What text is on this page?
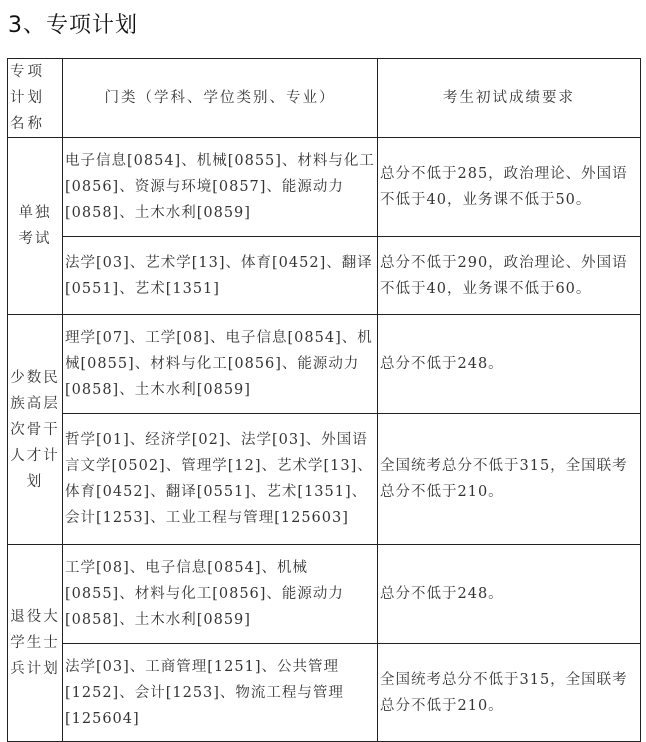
3、专项计划
专项计划名称	门类（学科、学位类别、专业）	考生初试成绩要求
单独考试	电子信息[0854]、机械[0855]、材料与化工[0856]、资源与环境[0857]、能源动力[0858]、土木水利[0859]	总分不低于285，政治理论、外国语不低于40，业务课不低于50。
	法学[03]、艺术学[13]、体育[0452]、翻译[0551]、艺术[1351]	总分不低于290，政治理论、外国语不低于40，业务课不低于60。
少数民族高层次骨干人才计划	理学[07]、工学[08]、电子信息[0854]、机械[0855]、材料与化工[0856]、能源动力[0858]、土木水利[0859]	总分不低于248。
	哲学[01]、经济学[02]、法学[03]、外国语言文学[0502]、管理学[12]、艺术学[13]、体育[0452]、翻译[0551]、艺术[1351]、会计[1253]、工业工程与管理[125603]	全国统考总分不低于315，全国联考总分不低于210。
退役大学生士兵计划	工学[08]、电子信息[0854]、机械[0855]、材料与化工[0856]、能源动力[0858]、土木水利[0859]	总分不低于248。
	法学[03]、工商管理[1251]、公共管理[1252]、会计[1253]、物流工程与管理[125604]	全国统考总分不低于315，全国联考总分不低于210。
